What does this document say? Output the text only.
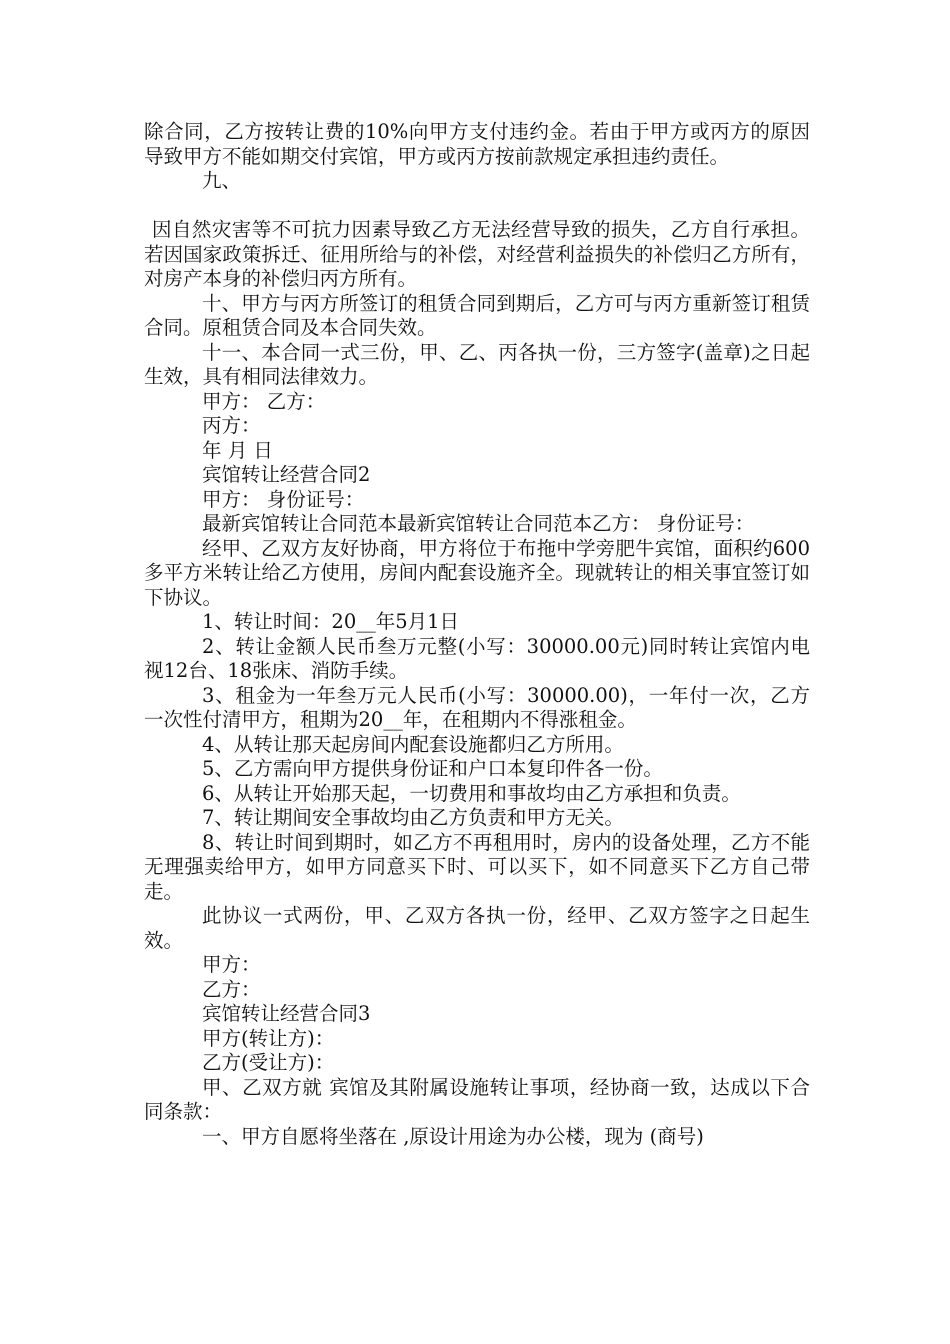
除合同，乙方按转让费的10%向甲方支付违约金。若由于甲方或丙方的原因导致甲方不能如期交付宾馆，甲方或丙方按前款规定承担违约责任。

九、

因自然灾害等不可抗力因素导致乙方无法经营导致的损失，乙方自行承担。若因国家政策拆迁、征用所给与的补偿，对经营利益损失的补偿归乙方所有，对房产本身的补偿归丙方所有。

十、甲方与丙方所签订的租赁合同到期后，乙方可与丙方重新签订租赁合同。原租赁合同及本合同失效。

十一、本合同一式三份，甲、乙、丙各执一份，三方签字(盖章)之日起生效，具有相同法律效力。

甲方： 乙方：

丙方：

年 月 日

宾馆转让经营合同2

甲方： 身份证号：

最新宾馆转让合同范本最新宾馆转让合同范本乙方： 身份证号：

经甲、乙双方友好协商，甲方将位于布拖中学旁肥牛宾馆，面积约600多平方米转让给乙方使用，房间内配套设施齐全。现就转让的相关事宜签订如下协议。

1、转让时间：20__年5月1日

2、转让金额人民币叁万元整(小写：30000.00元)同时转让宾馆内电视12台、18张床、消防手续。

3、租金为一年叁万元人民币(小写：30000.00)，一年付一次，乙方一次性付清甲方，租期为20__年，在租期内不得涨租金。

4、从转让那天起房间内配套设施都归乙方所用。

5、乙方需向甲方提供身份证和户口本复印件各一份。

6、从转让开始那天起，一切费用和事故均由乙方承担和负责。

7、转让期间安全事故均由乙方负责和甲方无关。

8、转让时间到期时，如乙方不再租用时，房内的设备处理，乙方不能无理强卖给甲方，如甲方同意买下时、可以买下，如不同意买下乙方自己带走。

此协议一式两份，甲、乙双方各执一份，经甲、乙双方签字之日起生效。

甲方：

乙方：

宾馆转让经营合同3

甲方(转让方)：

乙方(受让方)：

甲、乙双方就 宾馆及其附属设施转让事项，经协商一致，达成以下合同条款：

一、甲方自愿将坐落在 ,原设计用途为办公楼，现为 (商号)
